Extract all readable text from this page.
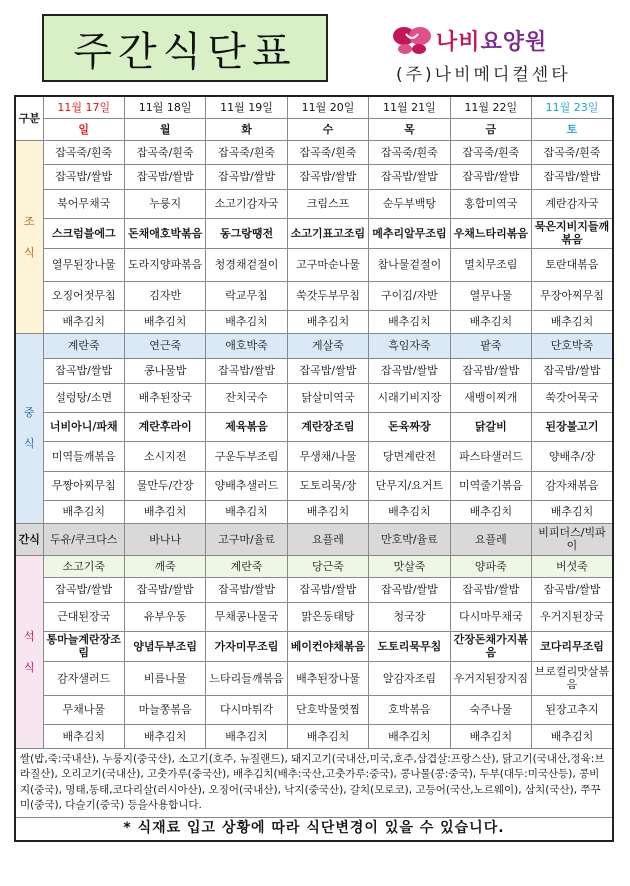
주간식단표	나비요양원
(주)나비메디컬센타
구분	11월 17일	11월 18일	11월 19일	11월 20일	11월 21일	11월 22일	11월 23일
	일	월	화	수	목	금	토

조
식	잡곡죽/흰죽	잡곡죽/흰죽	잡곡죽/흰죽	잡곡죽/흰죽	잡곡죽/흰죽	잡곡죽/흰죽	잡곡죽/흰죽
	잡곡밥/쌀밥	잡곡밥/쌀밥	잡곡밥/쌀밥	잡곡밥/쌀밥	잡곡밥/쌀밥	잡곡밥/쌀밥	잡곡밥/쌀밥
	북어무채국	누룽지	소고기감자국	크림스프	순두부백탕	홍합미역국	계란감자국
	스크럼블에그	돈채애호박볶음	동그랑땡전	소고기표고조림	메추리알무조림	우채느타리볶음	묵은지비지들깨볶음
	열무된장나물	도라지양파볶음	청경채겉절이	고구마순나물	참나물겉절이	멸치무조림	토란대볶음
	오징어젓무침	김자반	락교무침	쑥갓두부무침	구이김/자반	열무나물	무장아찌무침
	배추김치	배추김치	배추김치	배추김치	배추김치	배추김치	배추김치

중
식	계란죽	연근죽	애호박죽	게살죽	흑임자죽	팥죽	단호박죽
	잡곡밥/쌀밥	콩나물밥	잡곡밥/쌀밥	잡곡밥/쌀밥	잡곡밥/쌀밥	잡곡밥/쌀밥	잡곡밥/쌀밥
	설렁탕/소면	배추된장국	잔치국수	닭살미역국	시래기비지장	새뱅이찌개	쑥갓어묵국
	너비아니/파채	계란후라이	제육볶음	계란장조림	돈육짜장	닭갈비	된장불고기
	미역들깨볶음	소시지전	구운두부조림	무생채/나물	당면계란전	파스타샐러드	양배추/장
	무짱아찌무침	물만두/간장	양배추샐러드	도토리묵/장	단무지/요거트	미역줄기볶음	감자채볶음
	배추김치	배추김치	배추김치	배추김치	배추김치	배추김치	배추김치
간식	두유/쿠크다스	바나나	고구마/율료	요플레	만호박/율료	요플레	비피더스/빅파이

석
식	소고기죽	깨죽	계란죽	당근죽	맛살죽	양파죽	버섯죽
	잡곡밥/쌀밥	잡곡밥/쌀밥	잡곡밥/쌀밥	잡곡밥/쌀밥	잡곡밥/쌀밥	잡곡밥/쌀밥	잡곡밥/쌀밥
	근대된장국	유부우동	무채콩나물국	맑은동태탕	청국장	다시마무채국	우거지된장국
	통마늘계란장조림	양념두부조림	가자미무조림	베이컨야채볶음	도토리묵무침	간장돈채가지볶음	코다리무조림
	감자샐러드	비름나물	느타리들깨볶음	배추된장나물	알감자조림	우거지된장지짐	브로컬리맛살볶음
	무채나물	마늘쫑볶음	다시마튀각	단호박물엿찜	호박볶음	숙주나물	된장고추지
	배추김치	배추김치	배추김치	배추김치	배추김치	배추김치	배추김치
쌀(밥,죽:국내산), 누룽지(중국산), 소고기(호주, 뉴질랜드), 돼지고기(국내산,미국,호주,삼겹살:프랑스산), 닭고기(국내산,정육:브라질산), 오리고기(국내산), 고춧가루(중국산), 배추김치(배추:국산,고춧가루:중국), 콩나물(콩:중국), 두부(대두:미국산등), 콩비지(중국), 명태,동태,코다리살(러시아산), 오징어(국내산), 낙지(중국산), 갈치(모로코), 고등어(국산,노르웨이), 삼치(국산), 쭈꾸미(중국), 다슬기(중국) 등을사용합니다.							
* 식재료 입고 상황에 따라 식단변경이 있을 수 있습니다.							
